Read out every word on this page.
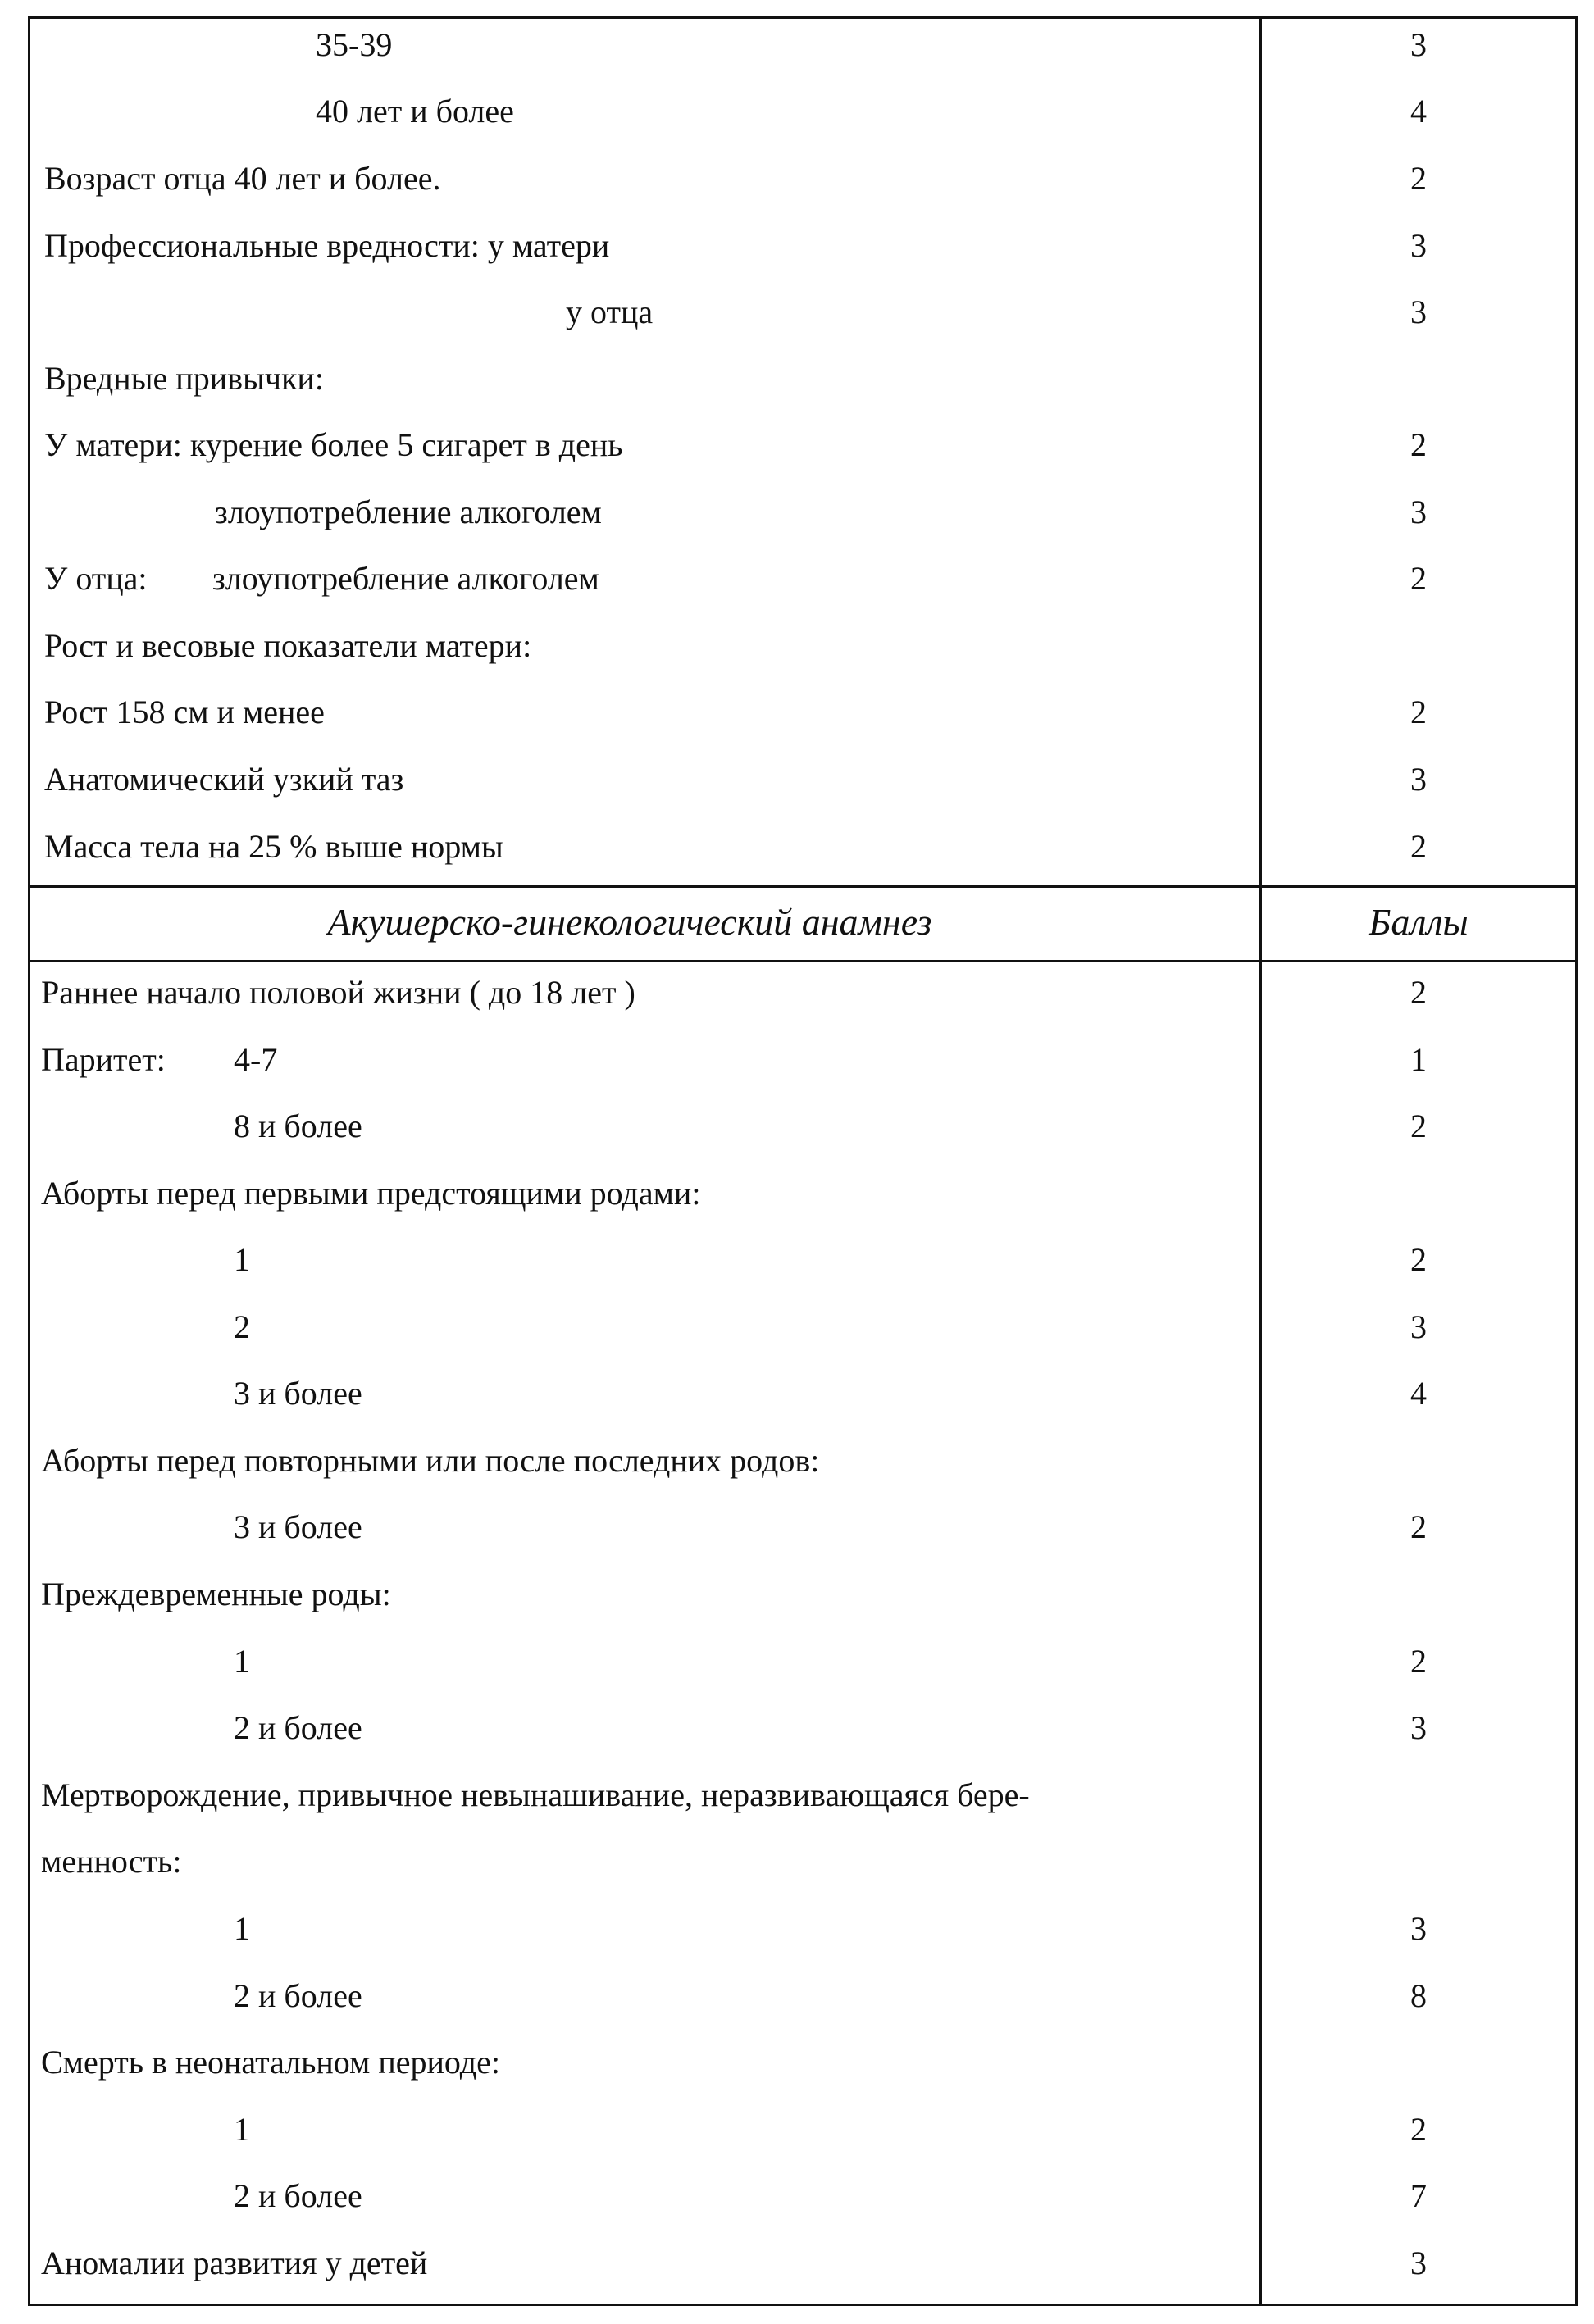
35-39	3
40 лет и более	4
Возраст отца 40 лет и более.	2
Профессиональные вредности: у матери	3
у отца	3
Вредные привычки:
У матери: курение более 5 сигарет в день	2
злоупотребление алкоголем	3
У отца: злоупотребление алкоголем	2
Рост и весовые показатели матери:
Рост 158 см и менее	2
Анатомический узкий таз	3
Масса тела на 25 % выше нормы	2
Акушерско-гинекологический анамнез	Баллы
Раннее начало половой жизни ( до 18 лет )	2
Паритет: 4-7	1
8 и более	2
Аборты перед первыми предстоящими родами:
1	2
2	3
3 и более	4
Аборты перед повторными или после последних родов:
3 и более	2
Преждевременные роды:
1	2
2 и более	3
Мертворождение, привычное невынашивание, неразвивающаяся бере-
менность:
1	3
2 и более	8
Смерть в неонатальном периоде:
1	2
2 и более	7
Аномалии развития у детей	3
